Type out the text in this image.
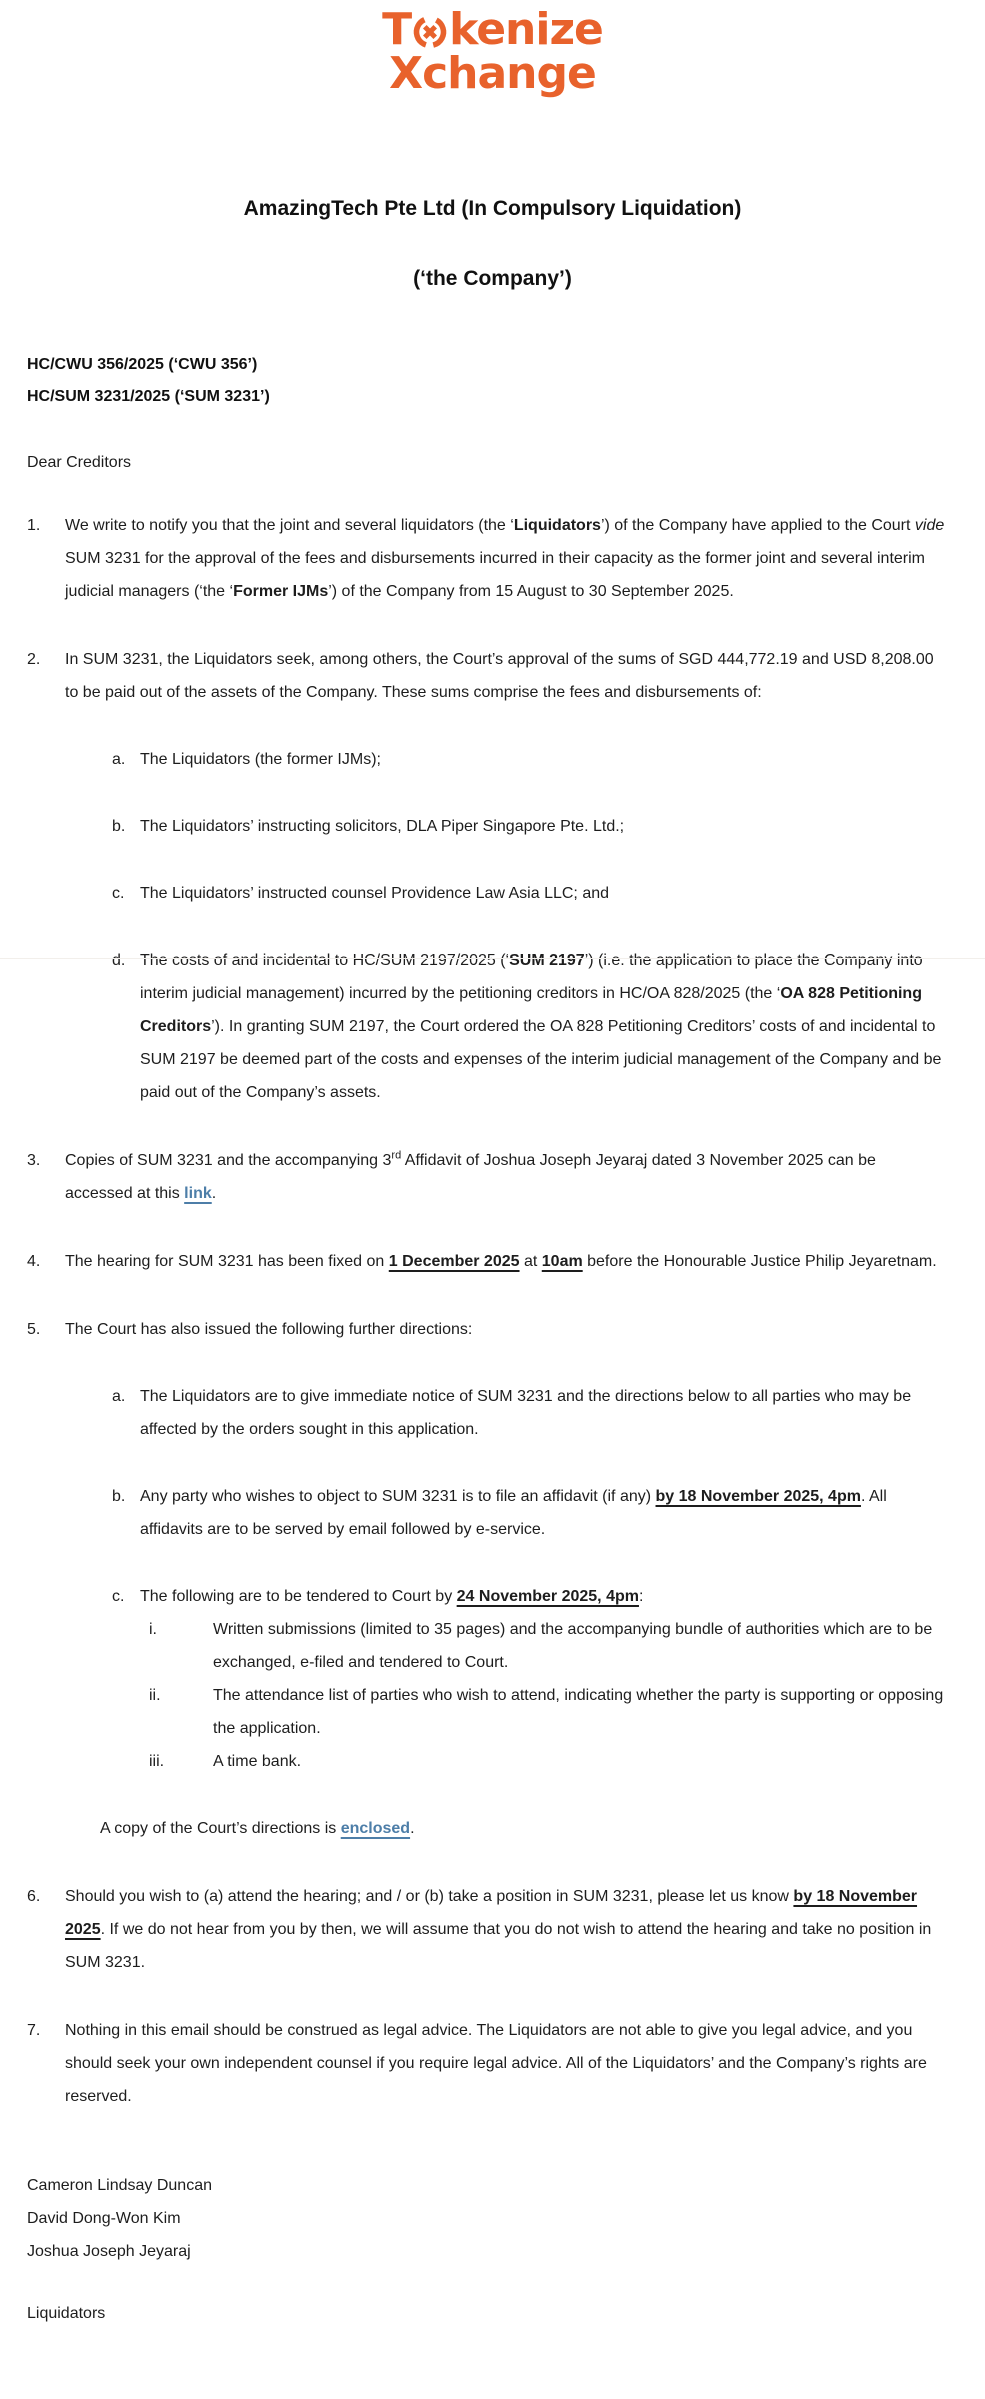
T kenize
Xchange
AmazingTech Pte Ltd (In Compulsory Liquidation)
(‘the Company’)
HC/CWU 356/2025 (‘CWU 356’)
HC/SUM 3231/2025 (‘SUM 3231’)
Dear Creditors
1.	We write to notify you that the joint and several liquidators (the ‘Liquidators’) of the Company have applied to the Court vide SUM 3231 for the approval of the fees and disbursements incurred in their capacity as the former joint and several interim judicial managers (‘the ‘Former IJMs’) of the Company from 15 August to 30 September 2025.
2.	In SUM 3231, the Liquidators seek, among others, the Court’s approval of the sums of SGD 444,772.19 and USD 8,208.00 to be paid out of the assets of the Company. These sums comprise the fees and disbursements of:
a. The Liquidators (the former IJMs);
b. The Liquidators’ instructing solicitors, DLA Piper Singapore Pte. Ltd.;
c. The Liquidators’ instructed counsel Providence Law Asia LLC; and
d. The costs of and incidental to HC/SUM 2197/2025 (‘SUM 2197’) (i.e. the application to place the Company into interim judicial management) incurred by the petitioning creditors in HC/OA 828/2025 (the ‘OA 828 Petitioning Creditors’). In granting SUM 2197, the Court ordered the OA 828 Petitioning Creditors’ costs of and incidental to SUM 2197 be deemed part of the costs and expenses of the interim judicial management of the Company and be paid out of the Company’s assets.
3.	Copies of SUM 3231 and the accompanying 3rd Affidavit of Joshua Joseph Jeyaraj dated 3 November 2025 can be accessed at this link.
4.	The hearing for SUM 3231 has been fixed on 1 December 2025 at 10am before the Honourable Justice Philip Jeyaretnam.
5.	The Court has also issued the following further directions:
a. The Liquidators are to give immediate notice of SUM 3231 and the directions below to all parties who may be affected by the orders sought in this application.
b. Any party who wishes to object to SUM 3231 is to file an affidavit (if any) by 18 November 2025, 4pm. All affidavits are to be served by email followed by e-service.
c. The following are to be tendered to Court by 24 November 2025, 4pm:
i.	Written submissions (limited to 35 pages) and the accompanying bundle of authorities which are to be exchanged, e-filed and tendered to Court.
ii.	The attendance list of parties who wish to attend, indicating whether the party is supporting or opposing the application.
iii.	A time bank.
A copy of the Court’s directions is enclosed.
6.	Should you wish to (a) attend the hearing; and / or (b) take a position in SUM 3231, please let us know by 18 November 2025. If we do not hear from you by then, we will assume that you do not wish to attend the hearing and take no position in SUM 3231.
7.	Nothing in this email should be construed as legal advice. The Liquidators are not able to give you legal advice, and you should seek your own independent counsel if you require legal advice. All of the Liquidators’ and the Company’s rights are reserved.
Cameron Lindsay Duncan
David Dong-Won Kim
Joshua Joseph Jeyaraj
Liquidators
